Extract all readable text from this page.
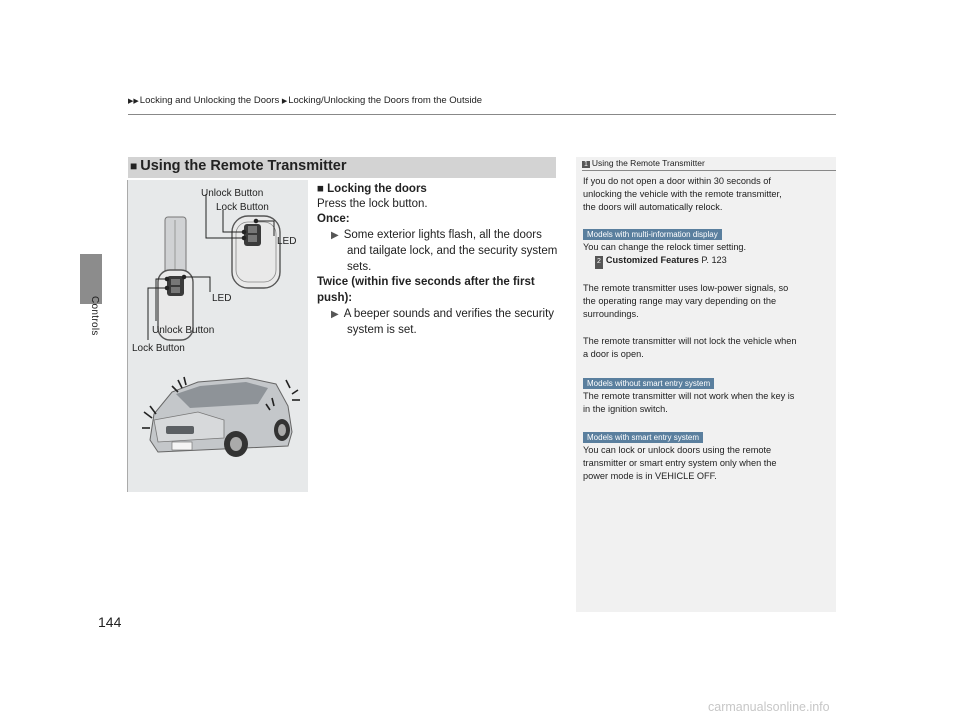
Controls
▶▶Locking and Unlocking the Doors ▶Locking/Unlocking the Doors from the Outside
■ Using the Remote Transmitter
Unlock Button
Lock Button
LED
LED
Unlock Button
Lock Button
■ Locking the doors
Press the lock button.
Once:
▶ Some exterior lights flash, all the doors
and tailgate lock, and the security system
sets.
Twice (within five seconds after the first
push):
▶ A beeper sounds and verifies the security
system is set.
1 Using the Remote Transmitter
If you do not open a door within 30 seconds of
unlocking the vehicle with the remote transmitter,
the doors will automatically relock.
Models with multi-information display
You can change the relock timer setting.
2 Customized Features P. 123
The remote transmitter uses low-power signals, so
the operating range may vary depending on the
surroundings.
The remote transmitter will not lock the vehicle when
a door is open.
Models without smart entry system
The remote transmitter will not work when the key is
in the ignition switch.
Models with smart entry system
You can lock or unlock doors using the remote
transmitter or smart entry system only when the
power mode is in VEHICLE OFF.
144
carmanualsonline.info
